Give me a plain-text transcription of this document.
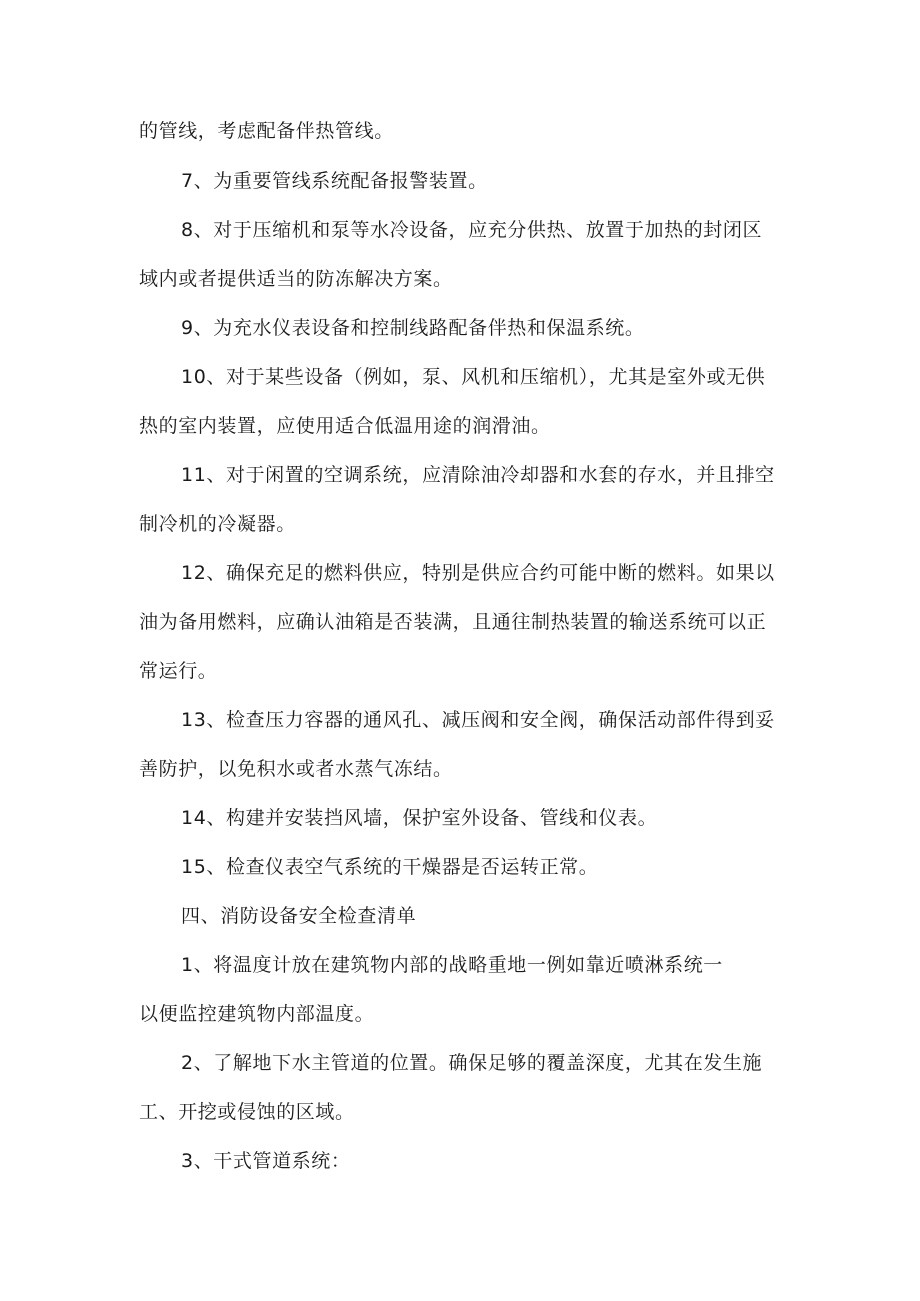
的管线，考虑配备伴热管线。
7、为重要管线系统配备报警装置。
8、对于压缩机和泵等水冷设备，应充分供热、放置于加热的封闭区
域内或者提供适当的防冻解决方案。
9、为充水仪表设备和控制线路配备伴热和保温系统。
10、对于某些设备（例如，泵、风机和压缩机），尤其是室外或无供
热的室内装置，应使用适合低温用途的润滑油。
11、对于闲置的空调系统，应清除油冷却器和水套的存水，并且排空
制冷机的冷凝器。
12、确保充足的燃料供应，特别是供应合约可能中断的燃料。如果以
油为备用燃料，应确认油箱是否装满，且通往制热装置的输送系统可以正
常运行。
13、检查压力容器的通风孔、减压阀和安全阀，确保活动部件得到妥
善防护，以免积水或者水蒸气冻结。
14、构建并安装挡风墙，保护室外设备、管线和仪表。
15、检查仪表空气系统的干燥器是否运转正常。
四、消防设备安全检查清单
1、将温度计放在建筑物内部的战略重地一例如靠近喷淋系统一
以便监控建筑物内部温度。
2、了解地下水主管道的位置。确保足够的覆盖深度，尤其在发生施
工、开挖或侵蚀的区域。
3、干式管道系统：
